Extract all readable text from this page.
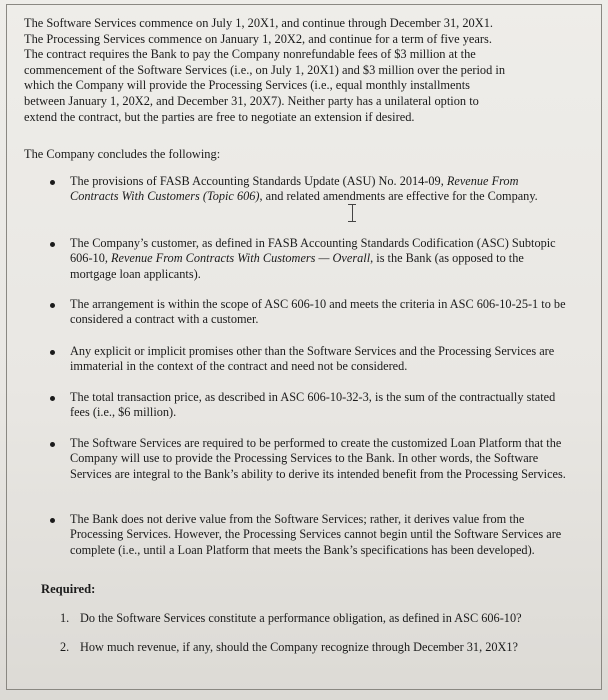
The Software Services commence on July 1, 20X1, and continue through December 31, 20X1.
The Processing Services commence on January 1, 20X2, and continue for a term of five years.
The contract requires the Bank to pay the Company nonrefundable fees of $3 million at the
commencement of the Software Services (i.e., on July 1, 20X1) and $3 million over the period in
which the Company will provide the Processing Services (i.e., equal monthly installments
between January 1, 20X2, and December 31, 20X7). Neither party has a unilateral option to
extend the contract, but the parties are free to negotiate an extension if desired.

The Company concludes the following:

The provisions of FASB Accounting Standards Update (ASU) No. 2014-09, Revenue From Contracts With Customers (Topic 606), and related amendments are effective for the Company.

The Company’s customer, as defined in FASB Accounting Standards Codification (ASC) Subtopic 606-10, Revenue From Contracts With Customers — Overall, is the Bank (as opposed to the mortgage loan applicants).

The arrangement is within the scope of ASC 606-10 and meets the criteria in ASC 606-10-25-1 to be considered a contract with a customer.

Any explicit or implicit promises other than the Software Services and the Processing Services are immaterial in the context of the contract and need not be considered.

The total transaction price, as described in ASC 606-10-32-3, is the sum of the contractually stated fees (i.e., $6 million).

The Software Services are required to be performed to create the customized Loan Platform that the Company will use to provide the Processing Services to the Bank. In other words, the Software Services are integral to the Bank’s ability to derive its intended benefit from the Processing Services.

The Bank does not derive value from the Software Services; rather, it derives value from the Processing Services. However, the Processing Services cannot begin until the Software Services are complete (i.e., until a Loan Platform that meets the Bank’s specifications has been developed).

Required:

1. Do the Software Services constitute a performance obligation, as defined in ASC 606-10?

2. How much revenue, if any, should the Company recognize through December 31, 20X1?
